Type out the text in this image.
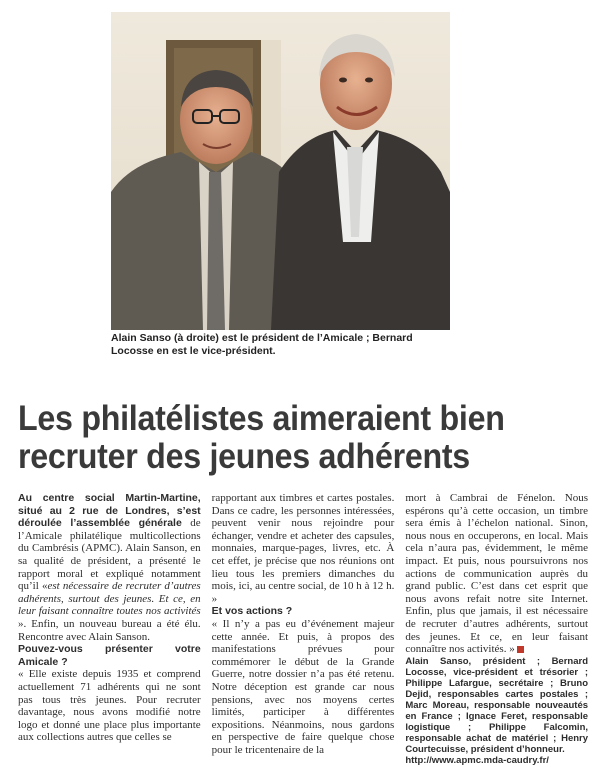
Alain Sanso (à droite) est le président de l’Amicale ; Bernard Locosse en est le vice-président.
Les philatélistes aimeraient bien recruter des jeunes adhérents

Au centre social Martin-Martine, situé au 2 rue de Londres, s’est déroulée l’assemblée générale de l’Amicale philatélique multicollections du Cambrésis (APMC). Alain Sanson, en sa qualité de président, a présenté le rapport moral et expliqué notamment qu’il «est nécessaire de recruter d’autres adhérents, surtout des jeunes. Et ce, en leur faisant connaître toutes nos activités ». Enfin, un nouveau bureau a été élu. Rencontre avec Alain Sanson.

Pouvez-vous présenter votre Amicale ?

« Elle existe depuis 1935 et comprend actuellement 71 adhérents qui ne sont pas tous très jeunes. Pour recruter davantage, nous avons modifié notre logo et donné une place plus importante aux collections autres que celles se

rapportant aux timbres et cartes postales. Dans ce cadre, les personnes intéressées, peuvent venir nous rejoindre pour échanger, vendre et acheter des capsules, monnaies, marque-pages, livres, etc. À cet effet, je précise que nos réunions ont lieu tous les premiers dimanches du mois, ici, au centre social, de 10 h à 12 h. »

Et vos actions ?

« Il n’y a pas eu d’événement majeur cette année. Et puis, à propos des manifestations prévues pour commémorer le début de la Grande Guerre, notre dossier n’a pas été retenu. Notre déception est grande car nous pensions, avec nos moyens certes limités, participer à différentes expositions. Néanmoins, nous gardons en perspective de faire quelque chose pour le tricentenaire de la

mort à Cambrai de Fénelon. Nous espérons qu’à cette occasion, un timbre sera émis à l’échelon national. Sinon, nous nous en occuperons, en local. Mais cela n’aura pas, évidemment, le même impact. Et puis, nous poursuivrons nos actions de communication auprès du grand public. C’est dans cet esprit que nous avons refait notre site Internet. Enfin, plus que jamais, il est nécessaire de recruter d’autres adhérents, surtout des jeunes. Et ce, en leur faisant connaître nos activités. »

Alain Sanso, président ; Bernard Locosse, vice-président et trésorier ; Philippe Lafargue, secrétaire ; Bruno Dejid, responsables cartes postales ; Marc Moreau, responsable nouveautés en France ; Ignace Feret, responsable logistique ; Philippe Falcomin, responsable achat de matériel ; Henry Courtecuisse, président d’honneur.

http://www.apmc.mda-caudry.fr/
